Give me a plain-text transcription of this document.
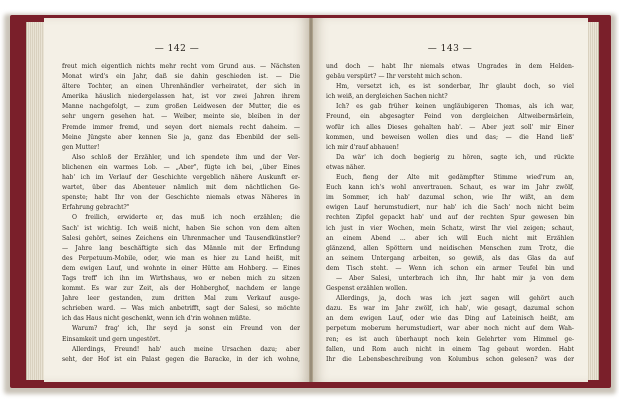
— 142 —
freut mich eigentlich nichts mehr recht vom Grund aus. — Nächsten
Monat wird's ein Jahr, daß sie dahin geschieden ist. — Die
ältere Tochter, an einen Uhrenhändler verheiratet, der sich in
Amerika häuslich niedergelassen hat, ist vor zwei Jahren ihrem
Manne nachgefolgt, — zum großen Leidwesen der Mutter, die es
sehr ungern gesehen hat. — Weiber, meinte sie, bleiben in der
Fremde immer fremd, und seyen dort niemals recht daheim. —
Meine Jüngste aber kennen Sie ja, ganz das Ebenbild der seli-
gen Mutter!
Also schloß der Erzähler, und ich spendete ihm und der Ver-
blichenen ein warmes Lob. — „Aber", fügte ich bei, „über Eines
hab' ich im Verlauf der Geschichte vergeblich nähere Auskunft er-
wartet, über das Abenteuer nämlich mit dem nächtlichen Ge-
spenste; habt Ihr von der Geschichte niemals etwas Näheres in
Erfahrung gebracht?"
O freilich, erwiderte er, das muß ich noch erzählen; die
Sach' ist wichtig. Ich weiß nicht, haben Sie schon von dem alten
Salesi gehört, seines Zeichens ein Uhrenmacher und Tausendkünstler?
— Jahre lang beschäftigte sich das Männle mit der Erfindung
des Perpetuum-Mobile, oder, wie man es hier zu Land heißt, mit
dem ewigen Lauf, und wohnte in einer Hütte am Hohberg. — Eines
Tags treff' ich ihn im Wirthshaus, wo er neben mich zu sitzen
kommt. Es war zur Zeit, als der Hohberghof, nachdem er lange
Jahre leer gestanden, zum dritten Mal zum Verkauf ausge-
schrieben ward. — Was mich anbetrifft, sagt der Salesi, so möchte
ich das Haus nicht geschenkt, wenn ich d'rin wohnen müßte.
Warum? frag' ich, Ihr seyd ja sonst ein Freund von der
Einsamkeit und gern ungestört.
Allerdings, Freund! hab' auch meine Ursachen dazu; aber
seht, der Hof ist ein Palast gegen die Baracke, in der ich wohne,
— 143 —
und doch — habt Ihr niemals etwas Ungrades in dem Helden-
gebäu verspürt? — Ihr versteht mich schon.
Hm, versetzt ich, es ist sonderbar, Ihr glaubt doch, so viel
ich weiß, an dergleichen Sachen nicht?
Ich? es gab früher keinen ungläubigeren Thomas, als ich war,
Freund, ein abgesagter Feind von dergleichen Altweibermärlein,
wofür ich alles Dieses gehalten hab'. — Aber jezt soll' mir Einer
kommen, und beweisen wollen dies und das; — die Hand ließ'
ich mir d'rauf abhauen!
Da wär' ich doch begierig zu hören, sagte ich, und rückte
etwas näher.
Euch, fieng der Alte mit gedämpfter Stimme wied'rum an,
Euch kann ich's wohl anvertrauen. Schaut, es war im Jahr zwölf,
im Sommer, ich hab' dazumal schon, wie Ihr wißt, an dem
ewigen Lauf herumstudiert, nur hab' ich die Sach' noch nicht beim
rechten Zipfel gepackt hab' und auf der rechten Spur gewesen bin
ich just in vier Wochen, mein Schatz, wirst Ihr viel zeigen; schaut,
an einem Abend ... aber ich will Euch nicht mit Erzählen
glänzend, allen Spöttern und neidischen Menschen zum Trotz, die
an seinem Untergang arbeiten, so gewiß, als das Glas da auf
dem Tisch steht. — Wenn ich schon ein armer Teufel bin und
— Aber Salesi, unterbrach ich ihn, Ihr habt mir ja von dem
Gespenst erzählen wollen.
Allerdings, ja, doch was ich jezt sagen will gehört auch
dazu. Es war im Jahr zwölf, ich hab', wie gesagt, dazumal schon
an dem ewigen Lauf, oder wie das Ding auf Lateinisch heißt, am
perpetum moberum herumstudiert, war aber noch nicht auf dem Wah-
ren; es ist auch überhaupt noch kein Gelehrter vom Himmel ge-
fallen, und Rom auch nicht in einem Tag gebaut worden. Habt
Ihr die Lebensbeschreibung von Kolumbus schon gelesen? was der
